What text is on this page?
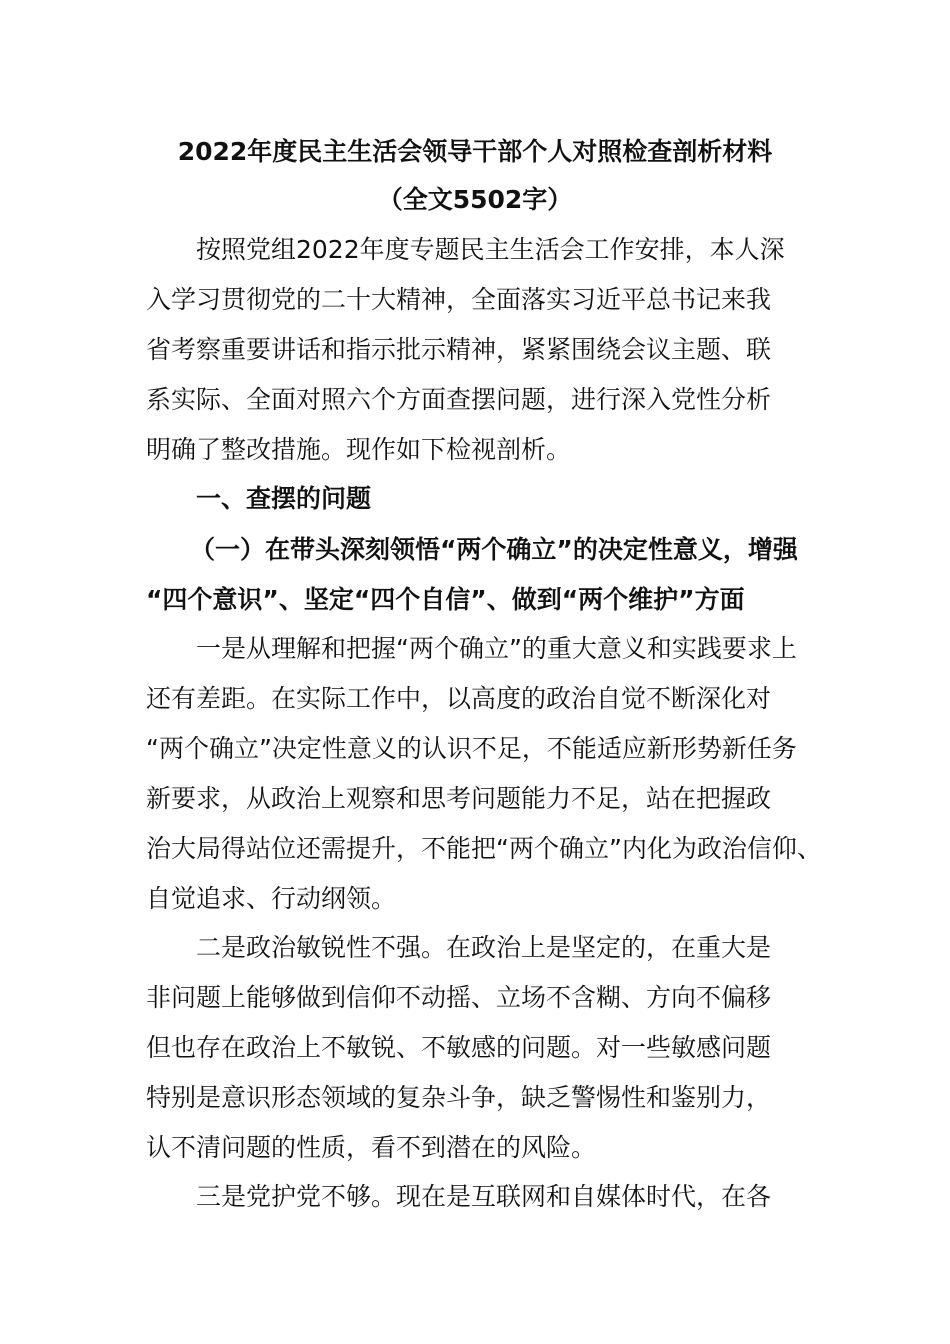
2022年度民主生活会领导干部个人对照检查剖析材料
（全文5502字）
按照党组2022年度专题民主生活会工作安排，本人深
入学习贯彻党的二十大精神，全面落实习近平总书记来我
省考察重要讲话和指示批示精神，紧紧围绕会议主题、联
系实际、全面对照六个方面查摆问题，进行深入党性分析
明确了整改措施。现作如下检视剖析。
一、查摆的问题
（一）在带头深刻领悟“两个确立”的决定性意义，增强
“四个意识”、坚定“四个自信”、做到“两个维护”方面
一是从理解和把握“两个确立”的重大意义和实践要求上
还有差距。在实际工作中，以高度的政治自觉不断深化对
“两个确立”决定性意义的认识不足，不能适应新形势新任务
新要求，从政治上观察和思考问题能力不足，站在把握政
治大局得站位还需提升，不能把“两个确立”内化为政治信仰、
自觉追求、行动纲领。
二是政治敏锐性不强。在政治上是坚定的，在重大是
非问题上能够做到信仰不动摇、立场不含糊、方向不偏移
但也存在政治上不敏锐、不敏感的问题。对一些敏感问题
特别是意识形态领域的复杂斗争，缺乏警惕性和鉴别力，
认不清问题的性质，看不到潜在的风险。
三是党护党不够。现在是互联网和自媒体时代，在各
